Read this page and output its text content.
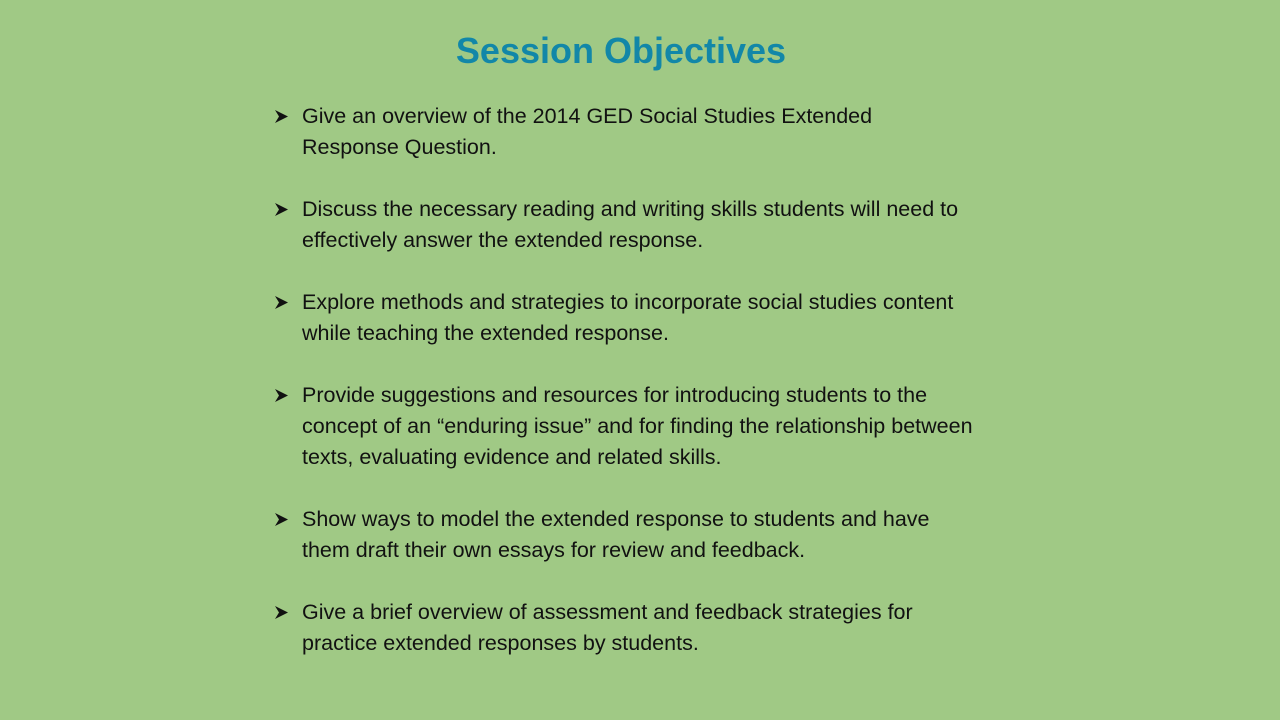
Session Objectives
Give an overview of the 2014 GED Social Studies Extended Response Question.
Discuss the necessary reading and writing skills students will need to effectively answer the extended response.
Explore methods and strategies to incorporate social studies content while teaching the extended response.
Provide suggestions and resources for introducing students to the concept of an “enduring issue” and for finding the relationship between texts, evaluating evidence and related skills.
Show ways to model the extended response to students and have them draft their own essays for review and feedback.
Give a brief overview of assessment and feedback strategies for practice extended responses by students.
